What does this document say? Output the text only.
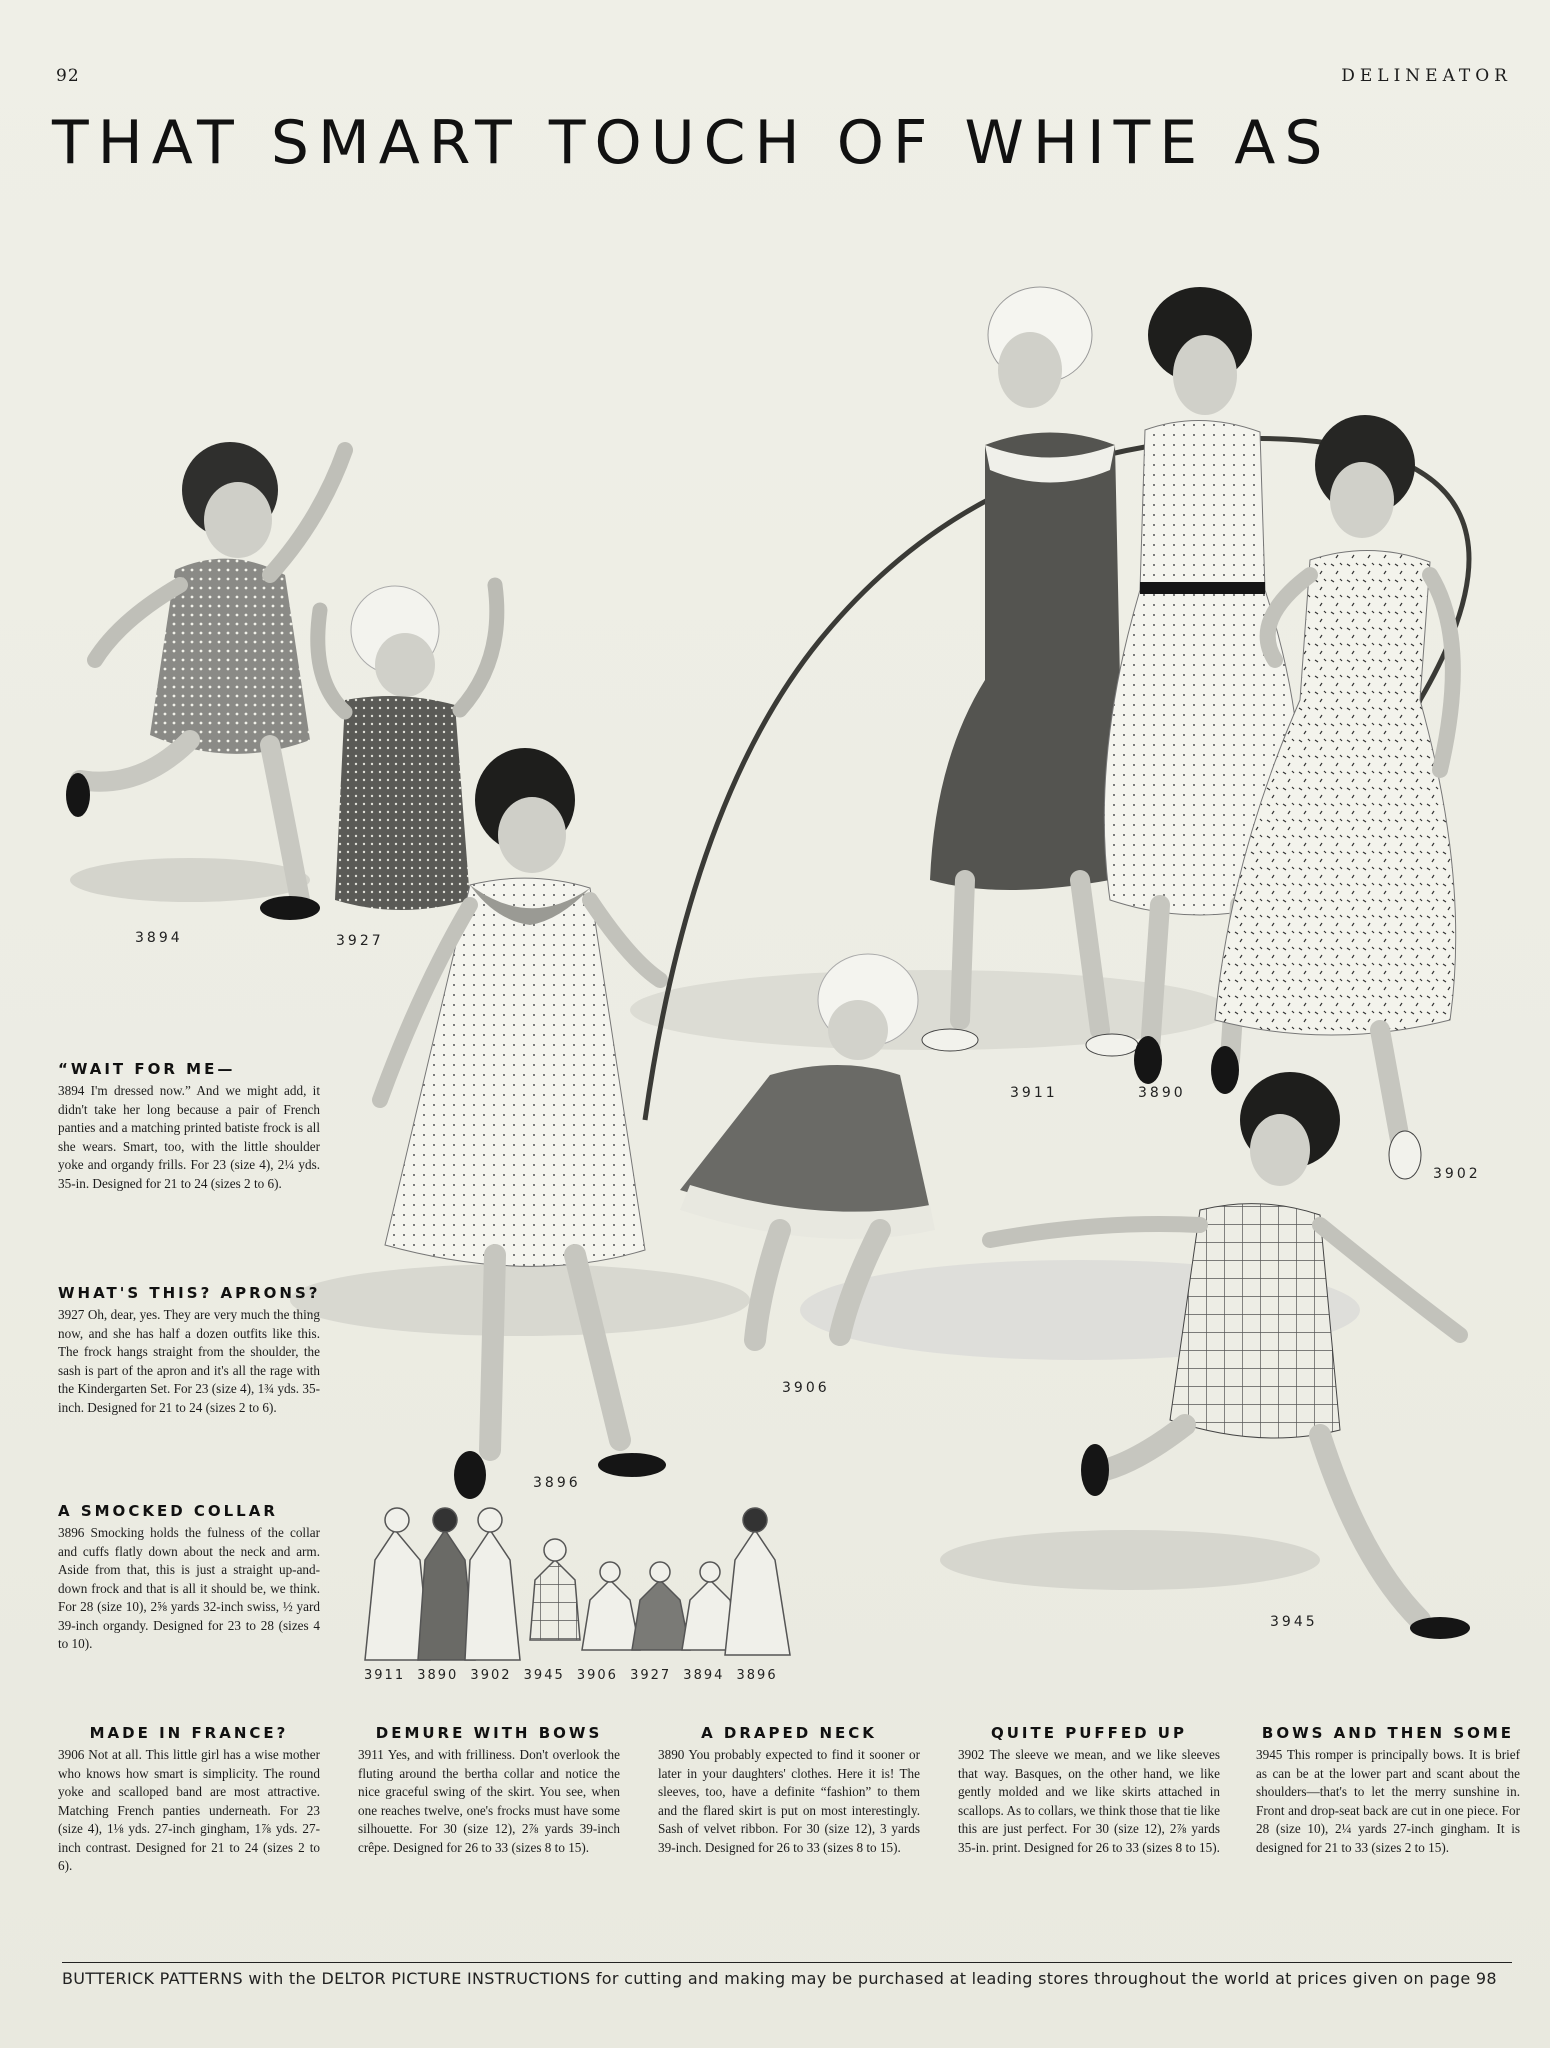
92	DELINEATOR
THAT SMART TOUCH OF WHITE AS
3894	3927
3896
3906
3911	3890
3902
3945
3911 3890 3902 3945 3906 3927 3894 3896
“WAIT FOR ME—

3894 I'm dressed now.” And we might add, it didn't take her long because a pair of French panties and a matching printed batiste frock is all she wears. Smart, too, with the little shoulder yoke and organdy frills. For 23 (size 4), 2¼ yds. 35-in. Designed for 21 to 24 (sizes 2 to 6).

WHAT'S THIS? APRONS?

3927 Oh, dear, yes. They are very much the thing now, and she has half a dozen outfits like this. The frock hangs straight from the shoulder, the sash is part of the apron and it's all the rage with the Kindergarten Set. For 23 (size 4), 1¾ yds. 35-inch. Designed for 21 to 24 (sizes 2 to 6).

A SMOCKED COLLAR

3896 Smocking holds the fulness of the collar and cuffs flatly down about the neck and arm. Aside from that, this is just a straight up-and-down frock and that is all it should be, we think. For 28 (size 10), 2⅝ yards 32-inch swiss, ½ yard 39-inch organdy. Designed for 23 to 28 (sizes 4 to 10).

MADE IN FRANCE?

3906 Not at all. This little girl has a wise mother who knows how smart is simplicity. The round yoke and scalloped band are most attractive. Matching French panties underneath. For 23 (size 4), 1⅛ yds. 27-inch gingham, 1⅞ yds. 27-inch contrast. Designed for 21 to 24 (sizes 2 to 6).

DEMURE WITH BOWS

3911 Yes, and with frilliness. Don't overlook the fluting around the bertha collar and notice the nice graceful swing of the skirt. You see, when one reaches twelve, one's frocks must have some silhouette. For 30 (size 12), 2⅞ yards 39-inch crêpe. Designed for 26 to 33 (sizes 8 to 15).

A DRAPED NECK

3890 You probably expected to find it sooner or later in your daughters' clothes. Here it is! The sleeves, too, have a definite “fashion” to them and the flared skirt is put on most interestingly. Sash of velvet ribbon. For 30 (size 12), 3 yards 39-inch. Designed for 26 to 33 (sizes 8 to 15).

QUITE PUFFED UP

3902 The sleeve we mean, and we like sleeves that way. Basques, on the other hand, we like gently molded and we like skirts attached in scallops. As to collars, we think those that tie like this are just perfect. For 30 (size 12), 2⅞ yards 35-in. print. Designed for 26 to 33 (sizes 8 to 15).

BOWS AND THEN SOME

3945 This romper is principally bows. It is brief as can be at the lower part and scant about the shoulders—that's to let the merry sunshine in. Front and drop-seat back are cut in one piece. For 28 (size 10), 2¼ yards 27-inch gingham. It is designed for 21 to 33 (sizes 2 to 15).

BUTTERICK PATTERNS with the DELTOR PICTURE INSTRUCTIONS for cutting and making may be purchased at leading stores throughout the world at prices given on page 98
